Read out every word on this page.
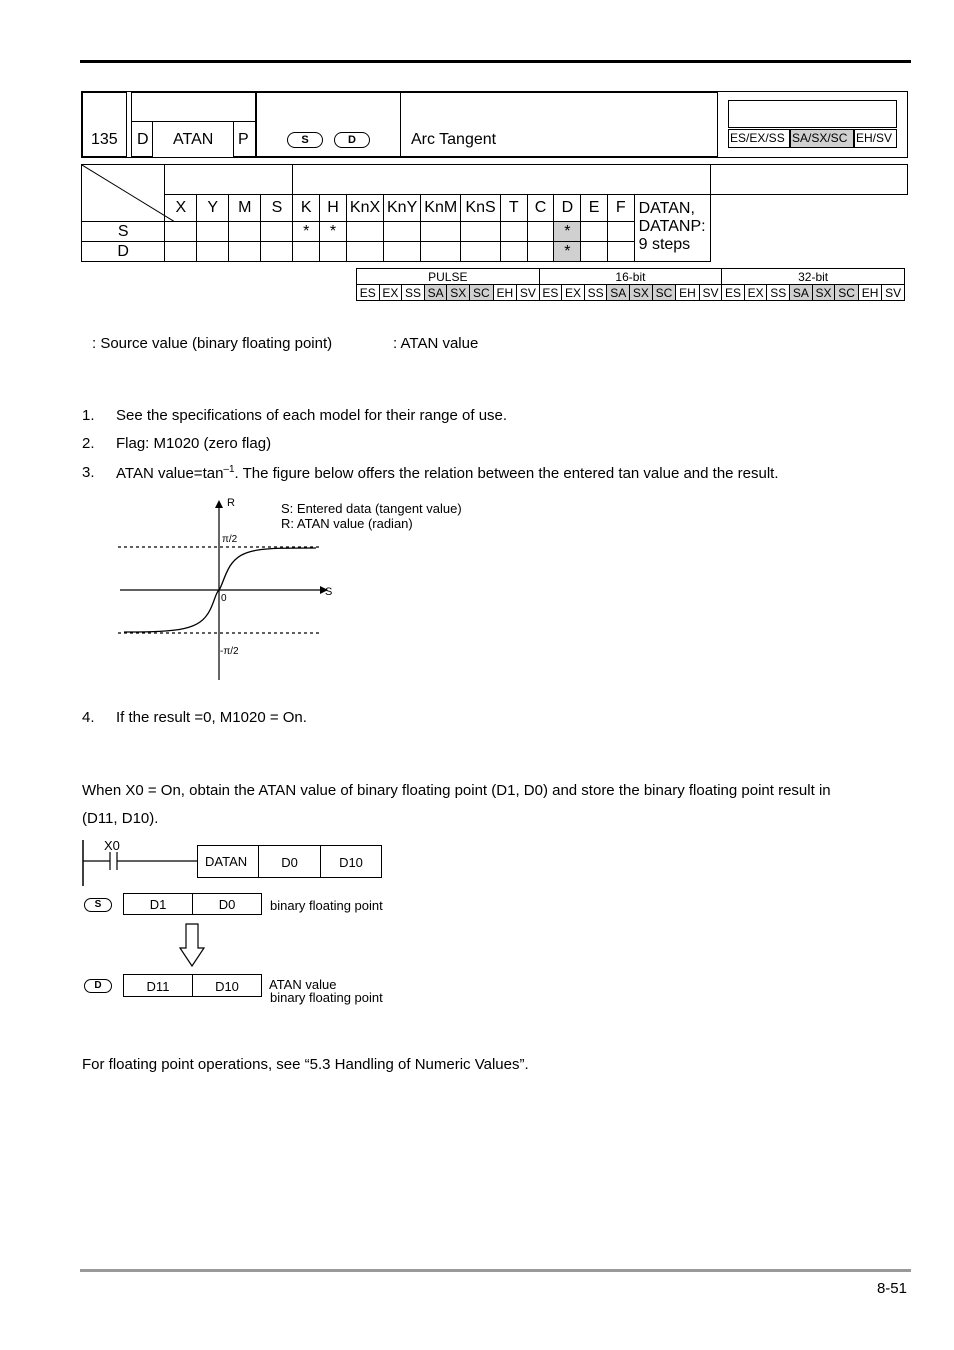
135 D ATAN P	S	D	Arc Tangent	ES/EX/SS SA/SX/SC EH/SV

	X	Y	M	S	K	H	KnX	KnY	KnM	KnS	T	C	D	E	F	DATAN, DATANP: 9 steps	
S					*	*							*				
D													*				
PULSE								16-bit								32-bit							
ES	EX	SS	SA	SX	SC	EH	SV	ES	EX	SS	SA	SX	SC	EH	SV	ES	EX	SS	SA	SX	SC	EH	SV
: Source value (binary floating point)	: ATAN value
1. See the specifications of each model for their range of use.
2. Flag: M1020 (zero flag)
3. ATAN $value=\tan^{-1}$. The figure below offers the relation between the entered tan value and the result.
R
S
0
π/2
-π/2
S: Entered data (tangent value)
R: ATAN value (radian)
4. If the result =0, M1020 = On.
When X0 = On, obtain the ATAN value of binary floating point (D1, D0) and store the binary floating point result in
(D11, D10).
X0
DATAN	D0	D10
S	D1	D0	binary floating point
D	D11	D10	ATAN value
binary floating point
For floating point operations, see “5.3 Handling of Numeric Values”.
8-51
